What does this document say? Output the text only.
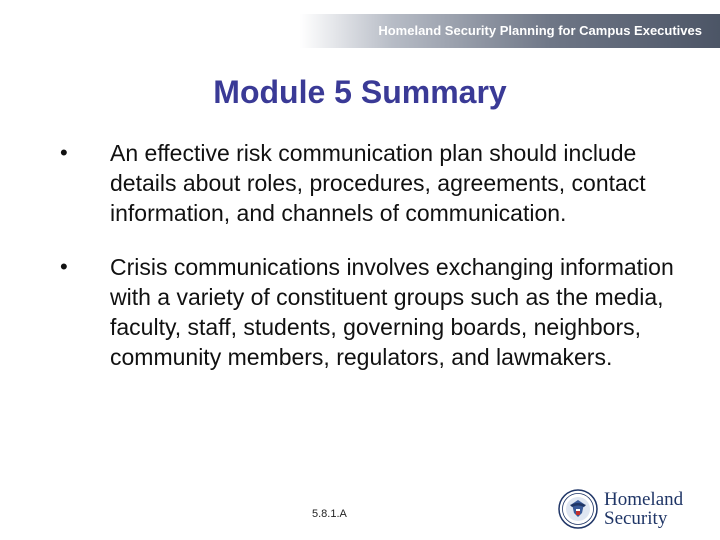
Homeland Security Planning for Campus Executives
Module 5 Summary
•	An effective risk communication plan should include details about roles, procedures, agreements, contact information, and channels of communication.
•	Crisis communications involves exchanging information with a variety of constituent groups such as the media, faculty, staff, students, governing boards, neighbors, community members, regulators, and lawmakers.
5.8.1.A
Homeland
Security
